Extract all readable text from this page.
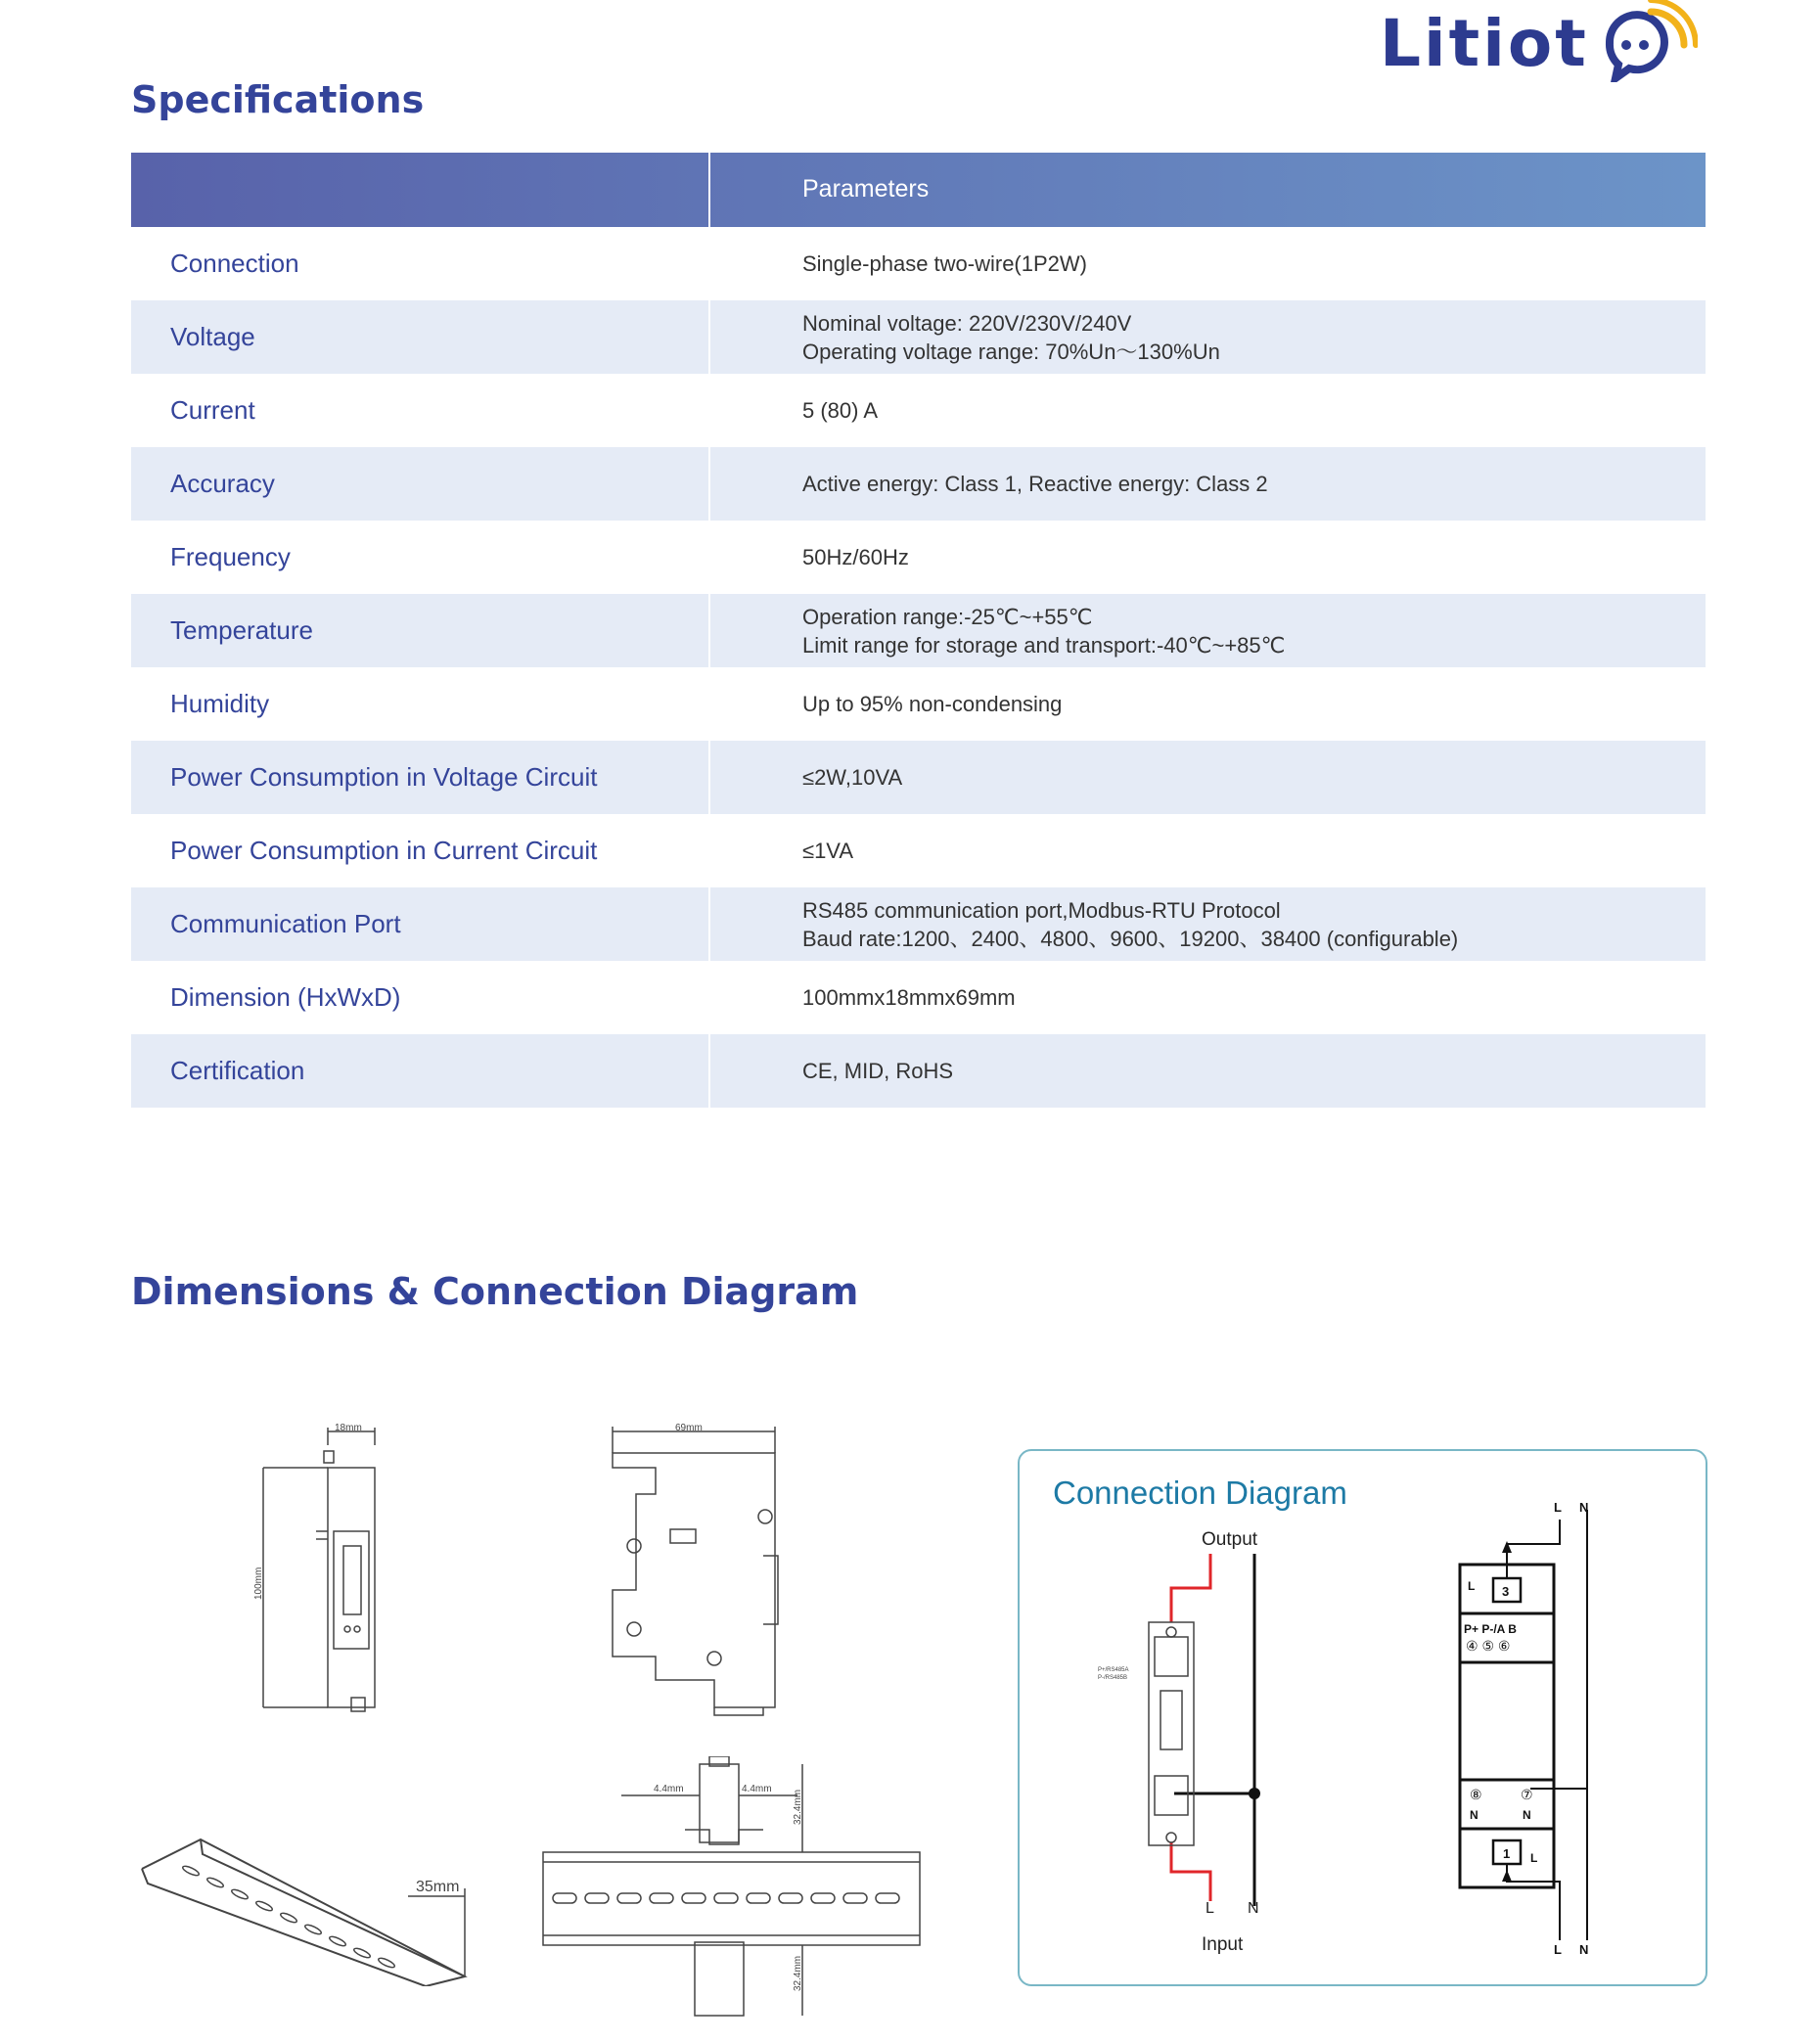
Litiot
Specifications
Parameters
Connection	Single-phase two-wire(1P2W)
Voltage	Nominal voltage: 220V/230V/240V
Operating voltage range: 70%Un～130%Un
Current	5 (80) A
Accuracy	Active energy: Class 1, Reactive energy: Class 2
Frequency	50Hz/60Hz
Temperature	Operation range:-25℃~+55℃
Limit range for storage and transport:-40℃~+85℃
Humidity	Up to 95% non-condensing
Power Consumption in Voltage Circuit	≤2W,10VA
Power Consumption in Current Circuit	≤1VA
Communication Port	RS485 communication port,Modbus-RTU Protocol
Baud rate:1200、2400、4800、9600、19200、38400 (configurable)
Dimension (HxWxD)	100mmx18mmx69mm
Certification	CE, MID, RoHS
Dimensions & Connection Diagram
18mm
100mm
69mm
35mm
4.4mm	4.4mm
32.4mm
32.4mm
Connection Diagram
P+/RS485A
P-/RS485B
Output
Input
L N
L N
L N
L 3
P+ P-/A B
④ ⑤ ⑥
⑧	⑦
N	N
1 L
